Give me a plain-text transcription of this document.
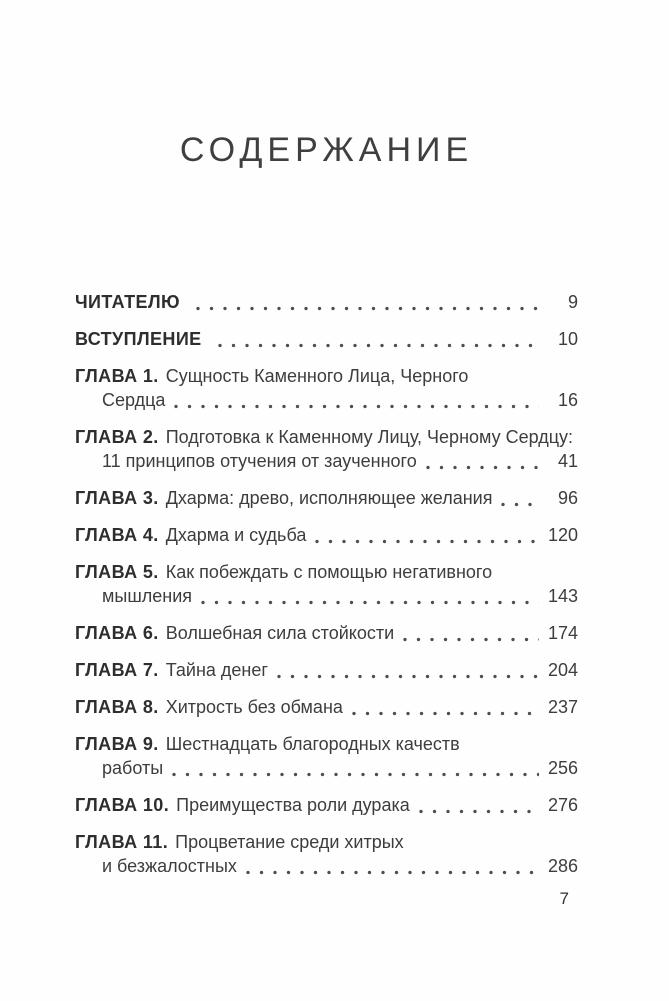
СОДЕРЖАНИЕ
ЧИТАТЕЛЮ	9
ВСТУПЛЕНИЕ	10
ГЛАВА 1. Сущность Каменного Лица, Черного
Сердца	16
ГЛАВА 2. Подготовка к Каменному Лицу, Черному Сердцу:
11 принципов отучения от заученного	41
ГЛАВА 3. Дхарма: древо, исполняющее желания	96
ГЛАВА 4. Дхарма и судьба	120
ГЛАВА 5. Как побеждать с помощью негативного
мышления	143
ГЛАВА 6. Волшебная сила стойкости	174
ГЛАВА 7. Тайна денег	204
ГЛАВА 8. Хитрость без обмана	237
ГЛАВА 9. Шестнадцать благородных качеств
работы	256
ГЛАВА 10. Преимущества роли дурака	276
ГЛАВА 11. Процветание среди хитрых
и безжалостных	286
7
